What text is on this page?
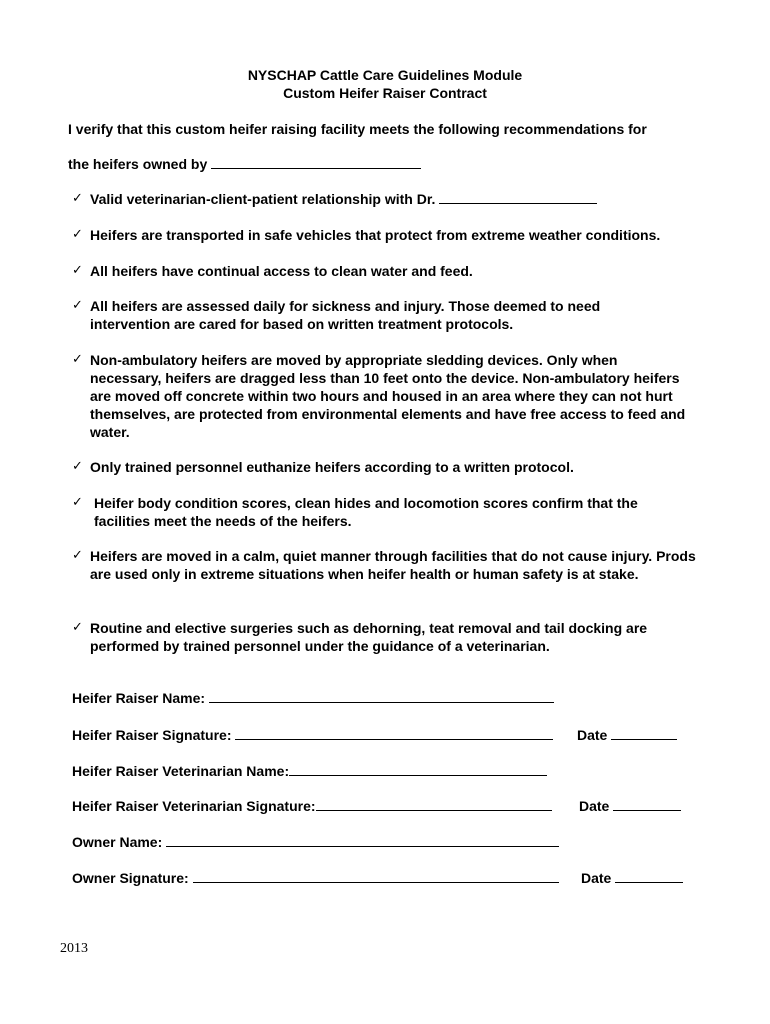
NYSCHAP Cattle Care Guidelines Module
Custom Heifer Raiser Contract
I verify that this custom heifer raising facility meets the following recommendations for
the heifers owned by
✓ Valid veterinarian-client-patient relationship with Dr.
✓ Heifers are transported in safe vehicles that protect from extreme weather conditions.
✓ All heifers have continual access to clean water and feed.
✓ All heifers are assessed daily for sickness and injury. Those deemed to need intervention are cared for based on written treatment protocols.
✓ Non-ambulatory heifers are moved by appropriate sledding devices. Only when necessary, heifers are dragged less than 10 feet onto the device. Non-ambulatory heifers are moved off concrete within two hours and housed in an area where they can not hurt themselves, are protected from environmental elements and have free access to feed and water.
✓ Only trained personnel euthanize heifers according to a written protocol.
✓ Heifer body condition scores, clean hides and locomotion scores confirm that the facilities meet the needs of the heifers.
✓ Heifers are moved in a calm, quiet manner through facilities that do not cause injury. Prods are used only in extreme situations when heifer health or human safety is at stake.
✓ Routine and elective surgeries such as dehorning, teat removal and tail docking are performed by trained personnel under the guidance of a veterinarian.
Heifer Raiser Name:
Heifer Raiser Signature:	Date
Heifer Raiser Veterinarian Name:
Heifer Raiser Veterinarian Signature:	Date
Owner Name:
Owner Signature:	Date
2013
